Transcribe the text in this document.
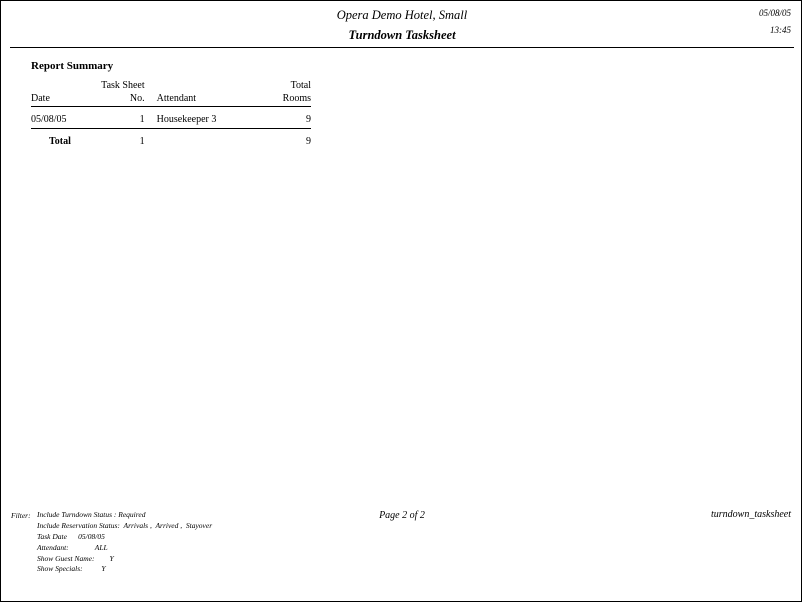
Opera Demo Hotel, Small
Turndown Tasksheet
05/08/05
13:45
Report Summary
	Task Sheet		Total
Date	No.	Attendant	Rooms
05/08/05	1	Housekeeper 3	9
Total	1		9
Filter: Include Turndown Status : Required
Include Reservation Status:  Arrivals ,  Arrived ,  Stayover
Task Date      05/08/05
Attendant:              ALL
Show Guest Name:        Y
Show Specials:          Y
Page 2 of 2	turndown_tasksheet
